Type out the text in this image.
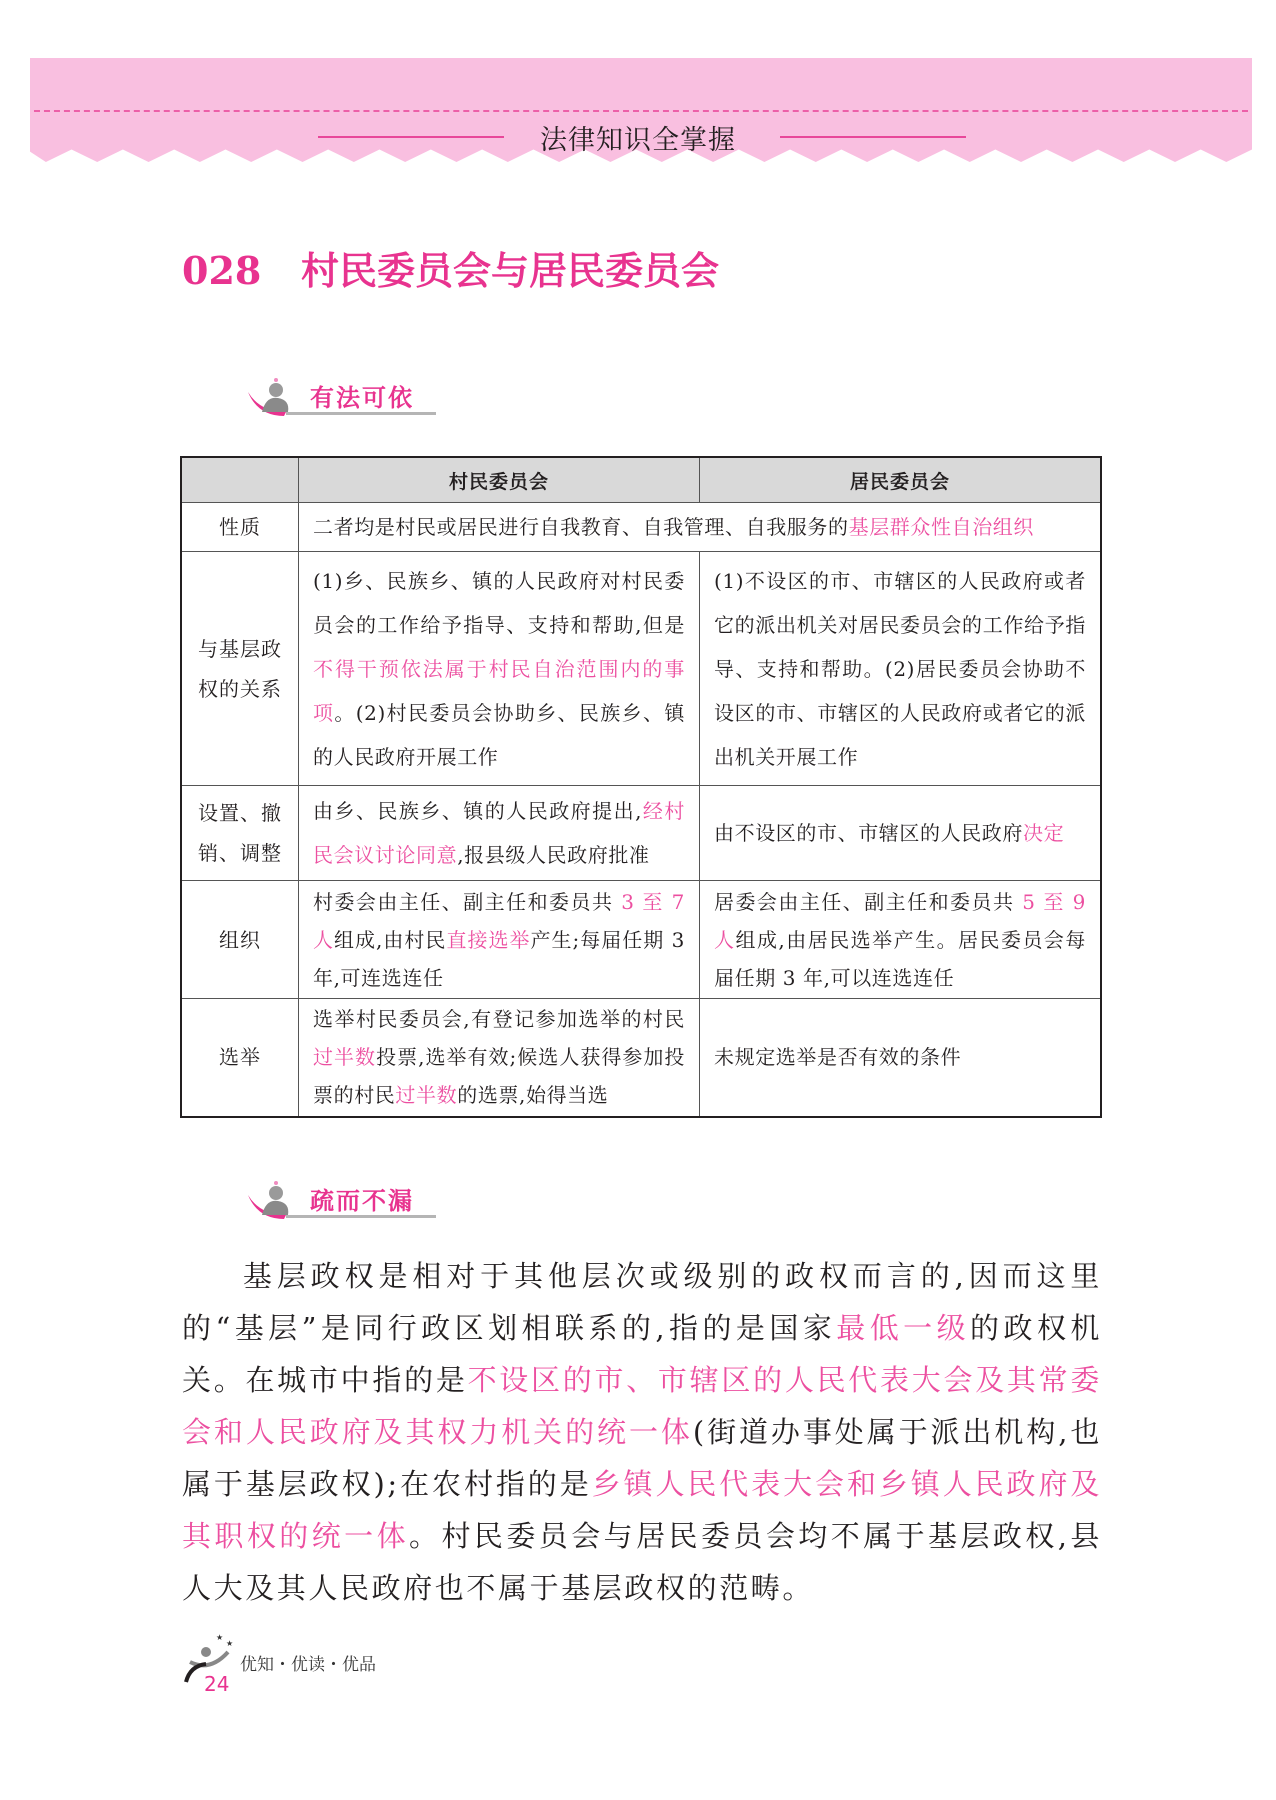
法律知识全掌握
028 村民委员会与居民委员会
有法可依
	村民委员会	居民委员会
性质	二者均是村民或居民进行自我教育、自我管理、自我服务的基层群众性自治组织	
与基层政权的关系	(1)乡、民族乡、镇的人民政府对村民委员会的工作给予指导、支持和帮助,但是不得干预依法属于村民自治范围内的事项。(2)村民委员会协助乡、民族乡、镇的人民政府开展工作	(1)不设区的市、市辖区的人民政府或者它的派出机关对居民委员会的工作给予指导、支持和帮助。(2)居民委员会协助不设区的市、市辖区的人民政府或者它的派出机关开展工作
设置、撤销、调整	由乡、民族乡、镇的人民政府提出,经村民会议讨论同意,报县级人民政府批准	由不设区的市、市辖区的人民政府决定
组织	村委会由主任、副主任和委员共 3 至 7 人组成,由村民直接选举产生;每届任期 3 年,可连选连任	居委会由主任、副主任和委员共 5 至 9 人组成,由居民选举产生。居民委员会每届任期 3 年,可以连选连任
选举	选举村民委员会,有登记参加选举的村民过半数投票,选举有效;候选人获得参加投票的村民过半数的选票,始得当选	未规定选举是否有效的条件
疏而不漏

基层政权是相对于其他层次或级别的政权而言的,因而这里的“基层”是同行政区划相联系的,指的是国家最低一级的政权机关。在城市中指的是不设区的市、市辖区的人民代表大会及其常委会和人民政府及其权力机关的统一体(街道办事处属于派出机构,也属于基层政权);在农村指的是乡镇人民代表大会和乡镇人民政府及其职权的统一体。村民委员会与居民委员会均不属于基层政权,县人大及其人民政府也不属于基层政权的范畴。

★
★
优知・优读・优品
24
